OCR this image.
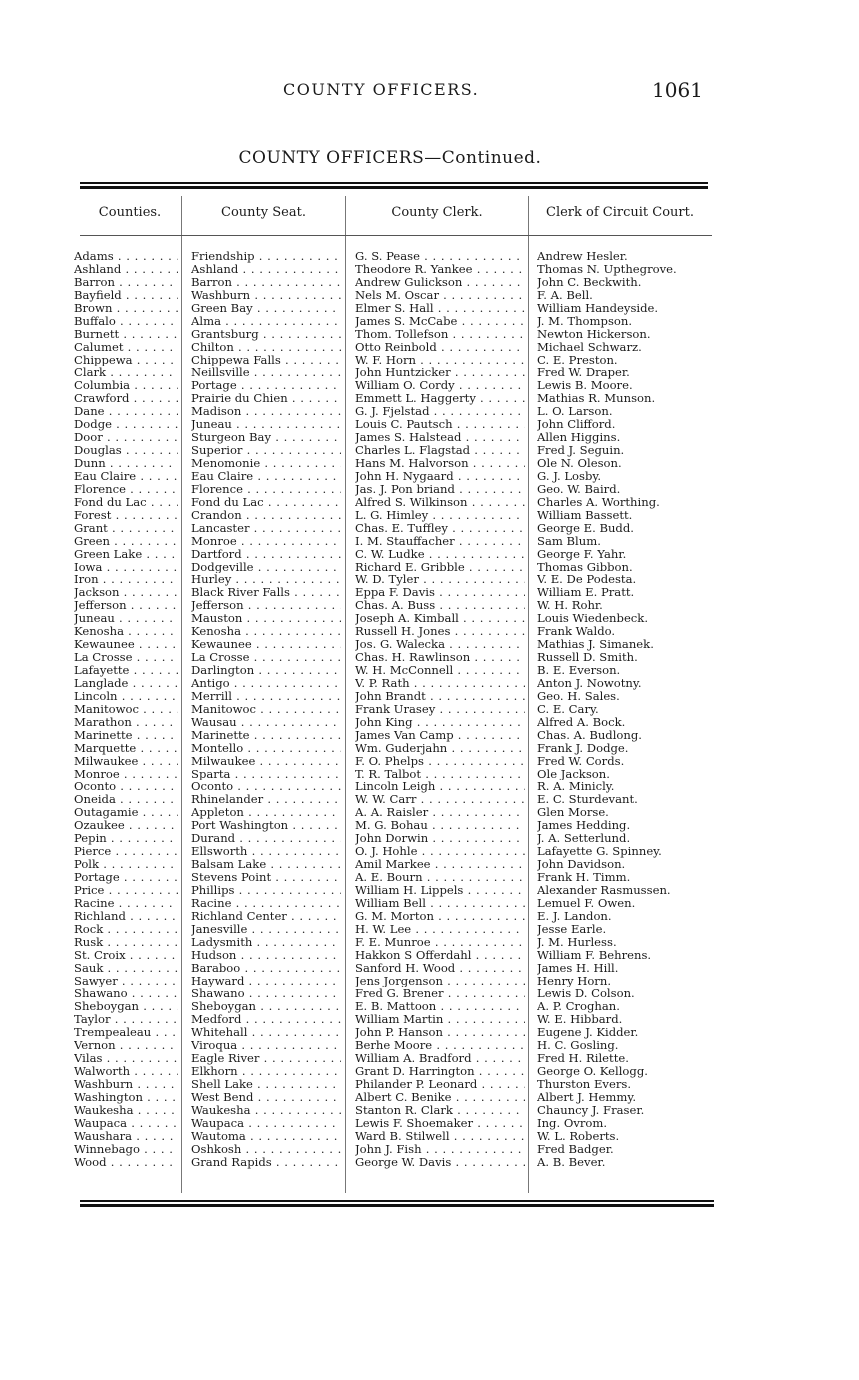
COUNTY OFFICERS.	1061
COUNTY OFFICERS—Continued.
Counties.	County Seat.	County Clerk.	Clerk of Circuit Court.
Adams . . .	Friendship . . .	G. S. Pease . . .	Andrew Hesler.
Ashland . . .	Ashland . . .	Theodore R. Yankee . . .	Thomas N. Upthegrove.
Barron . . .	Barron . . .	Andrew Gulickson . . .	John C. Beckwith.
Bayfield . . .	Washburn . . .	Nels M. Oscar . . .	F. A. Bell.
Brown . . .	Green Bay . . .	Elmer S. Hall . . .	William Handeyside.
Buffalo . . .	Alma . . .	James S. McCabe . . .	J. M. Thompson.
Burnett . . .	Grantsburg . . .	Thom. Tollefson . . .	Newton Hickerson.
Calumet . . .	Chilton . . .	Otto Reinbold . . .	Michael Schwarz.
Chippewa . . .	Chippewa Falls . . .	W. F. Horn . . .	C. E. Preston.
Clark . . .	Neillsville . . .	John Huntzicker . . .	Fred W. Draper.
Columbia . . .	Portage . . .	William O. Cordy . . .	Lewis B. Moore.
Crawford . . .	Prairie du Chien . . .	Emmett L. Haggerty . . .	Mathias R. Munson.
Dane . . .	Madison . . .	G. J. Fjelstad . . .	L. O. Larson.
Dodge . . .	Juneau . . .	Louis C. Pautsch . . .	John Clifford.
Door . . .	Sturgeon Bay . . .	James S. Halstead . . .	Allen Higgins.
Douglas . . .	Superior . . .	Charles L. Flagstad . . .	Fred J. Seguin.
Dunn . . .	Menomonie . . .	Hans M. Halvorson . . .	Ole N. Oleson.
Eau Claire . . .	Eau Claire . . .	John H. Nygaard . . .	G. J. Losby.
Florence . . .	Florence . . .	Jas. J. Pon briand . . .	Geo. W. Baird.
Fond du Lac . . .	Fond du Lac . . .	Alfred S. Wilkinson . . .	Charles A. Worthing.
Forest . . .	Crandon . . .	L. G. Himley . . .	William Bassett.
Grant . . .	Lancaster . . .	Chas. E. Tuffley . . .	George E. Budd.
Green . . .	Monroe . . .	I. M. Stauffacher . . .	Sam Blum.
Green Lake . . .	Dartford . . .	C. W. Ludke . . .	George F. Yahr.
Iowa . . .	Dodgeville . . .	Richard E. Gribble . . .	Thomas Gibbon.
Iron . . .	Hurley . . .	W. D. Tyler . . .	V. E. De Podesta.
Jackson . . .	Black River Falls . . .	Eppa F. Davis . . .	William E. Pratt.
Jefferson . . .	Jefferson . . .	Chas. A. Buss . . .	W. H. Rohr.
Juneau . . .	Mauston . . .	Joseph A. Kimball . . .	Louis Wiedenbeck.
Kenosha . . .	Kenosha . . .	Russell H. Jones . . .	Frank Waldo.
Kewaunee . . .	Kewaunee . . .	Jos. G. Walecka . . .	Mathias J. Simanek.
La Crosse . . .	La Crosse . . .	Chas. H. Rawlinson . . .	Russell D. Smith.
Lafayette . . .	Darlington . . .	W. H. McConnell . . .	B. E. Everson.
Langlade . . .	Antigo . . .	V. P. Rath . . .	Anton J. Nowotny.
Lincoln . . .	Merrill . . .	John Brandt . . .	Geo. H. Sales.
Manitowoc . . .	Manitowoc . . .	Frank Urasey . . .	C. E. Cary.
Marathon . . .	Wausau . . .	John King . . .	Alfred A. Bock.
Marinette . . .	Marinette . . .	James Van Camp . . .	Chas. A. Budlong.
Marquette . . .	Montello . . .	Wm. Guderjahn . . .	Frank J. Dodge.
Milwaukee . . .	Milwaukee . . .	F. O. Phelps . . .	Fred W. Cords.
Monroe . . .	Sparta . . .	T. R. Talbot . . .	Ole Jackson.
Oconto . . .	Oconto . . .	Lincoln Leigh . . .	R. A. Minicly.
Oneida . . .	Rhinelander . . .	W. W. Carr . . .	E. C. Sturdevant.
Outagamie . . .	Appleton . . .	A. A. Raisler . . .	Glen Morse.
Ozaukee . . .	Port Washington . . .	M. G. Bohau . . .	James Hedding.
Pepin . . .	Durand . . .	John Dorwin . . .	J. A. Setterlund.
Pierce . . .	Ellsworth . . .	O. J. Hohle . . .	Lafayette G. Spinney.
Polk . . .	Balsam Lake . . .	Amil Markee . . .	John Davidson.
Portage . . .	Stevens Point . . .	A. E. Bourn . . .	Frank H. Timm.
Price . . .	Phillips . . .	William H. Lippels . . .	Alexander Rasmussen.
Racine . . .	Racine . . .	William Bell . . .	Lemuel F. Owen.
Richland . . .	Richland Center . . .	G. M. Morton . . .	E. J. Landon.
Rock . . .	Janesville . . .	H. W. Lee . . .	Jesse Earle.
Rusk . . .	Ladysmith . . .	F. E. Munroe . . .	J. M. Hurless.
St. Croix . . .	Hudson . . .	Hakkon S Offerdahl . . .	William F. Behrens.
Sauk . . .	Baraboo . . .	Sanford H. Wood . . .	James H. Hill.
Sawyer . . .	Hayward . . .	Jens Jorgenson . . .	Henry Horn.
Shawano . . .	Shawano . . .	Fred G. Brener . . .	Lewis D. Colson.
Sheboygan . . .	Sheboygan . . .	E. B. Mattoon . . .	A. P. Croghan.
Taylor . . .	Medford . . .	William Martin . . .	W. E. Hibbard.
Trempealeau . . .	Whitehall . . .	John P. Hanson . . .	Eugene J. Kidder.
Vernon . . .	Viroqua . . .	Berhe Moore . . .	H. C. Gosling.
Vilas . . .	Eagle River . . .	William A. Bradford . . .	Fred H. Rilette.
Walworth . . .	Elkhorn . . .	Grant D. Harrington . . .	George O. Kellogg.
Washburn . . .	Shell Lake . . .	Philander P. Leonard . . .	Thurston Evers.
Washington . . .	West Bend . . .	Albert C. Benike . . .	Albert J. Hemmy.
Waukesha . . .	Waukesha . . .	Stanton R. Clark . . .	Chauncy J. Fraser.
Waupaca . . .	Waupaca . . .	Lewis F. Shoemaker . . .	Ing. Ovrom.
Waushara . . .	Wautoma . . .	Ward B. Stilwell . . .	W. L. Roberts.
Winnebago . . .	Oshkosh . . .	John J. Fish . . .	Fred Badger.
Wood . . .	Grand Rapids . . .	George W. Davis . . .	A. B. Bever.
